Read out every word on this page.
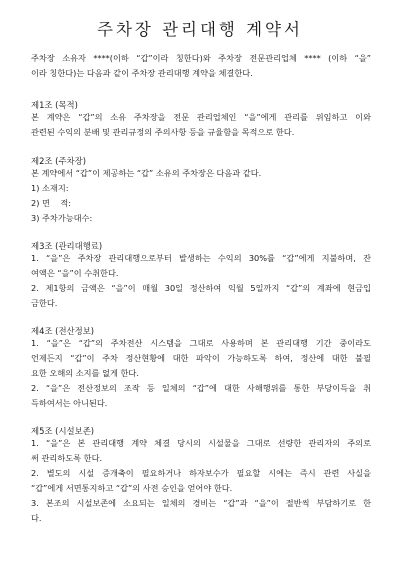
주차장 관리대행 계약서
주차장 소유자 ****(이하 “갑”이라 칭한다)와 주차장 전문관리업체 **** (이하 “을”
이라 칭한다)는 다음과 같이 주차장 관리대행 계약을 체결한다.
제1조 (목적)
본 계약은 “갑”의 소유 주차장을 전문 관리업체인 “을”에게 관리를 위임하고 이와
관련된 수익의 분배 및 관리규정의 주의사항 등을 규율함을 목적으로 한다.
제2조 (주차장)
본 계약에서 “갑”이 제공하는 “갑” 소유의 주차장은 다음과 같다.
1) 소재지:
2) 면    적:
3) 주차가능대수:
제3조 (관리대행료)
1. “을”은 주차장 관리대행으로부터 발생하는 수익의 30%를 “갑”에게 지불하며, 잔
여액은 “을”이 수취한다.
2. 제1항의 금액은 “을”이 매월 30일 정산하여 익월 5일까지 “갑”의 계좌에 현금입
금한다.
제4조 (전산정보)
1. “을”은 “갑”의 주차전산 시스템을 그대로 사용하며 본 관리대행 기간 중이라도
언제든지 “갑”이 주차 정산현황에 대한 파악이 가능하도록 하여, 정산에 대한 불필
요한 오해의 소지를 없게 한다.
2. “을”은 전산정보의 조작 등 일체의 “갑”에 대한 사해행위를 통한 부당이득을 취
득하여서는 아니된다.
제5조 (시설보존)
1. “을”은 본 관리대행 계약 체결 당시의 시설물을 그대로 선량한 관리자의 주의로
써 관리하도록 한다.
2. 별도의 시설 증개축이 필요하거나 하자보수가 필요할 시에는 즉시 관련 사실을
“갑”에게 서면통지하고 “갑”의 사전 승인을 얻어야 한다.
3. 본조의 시설보존에 소요되는 일체의 경비는 “갑”과 “을”이 절반씩 부담하기로 한
다.
